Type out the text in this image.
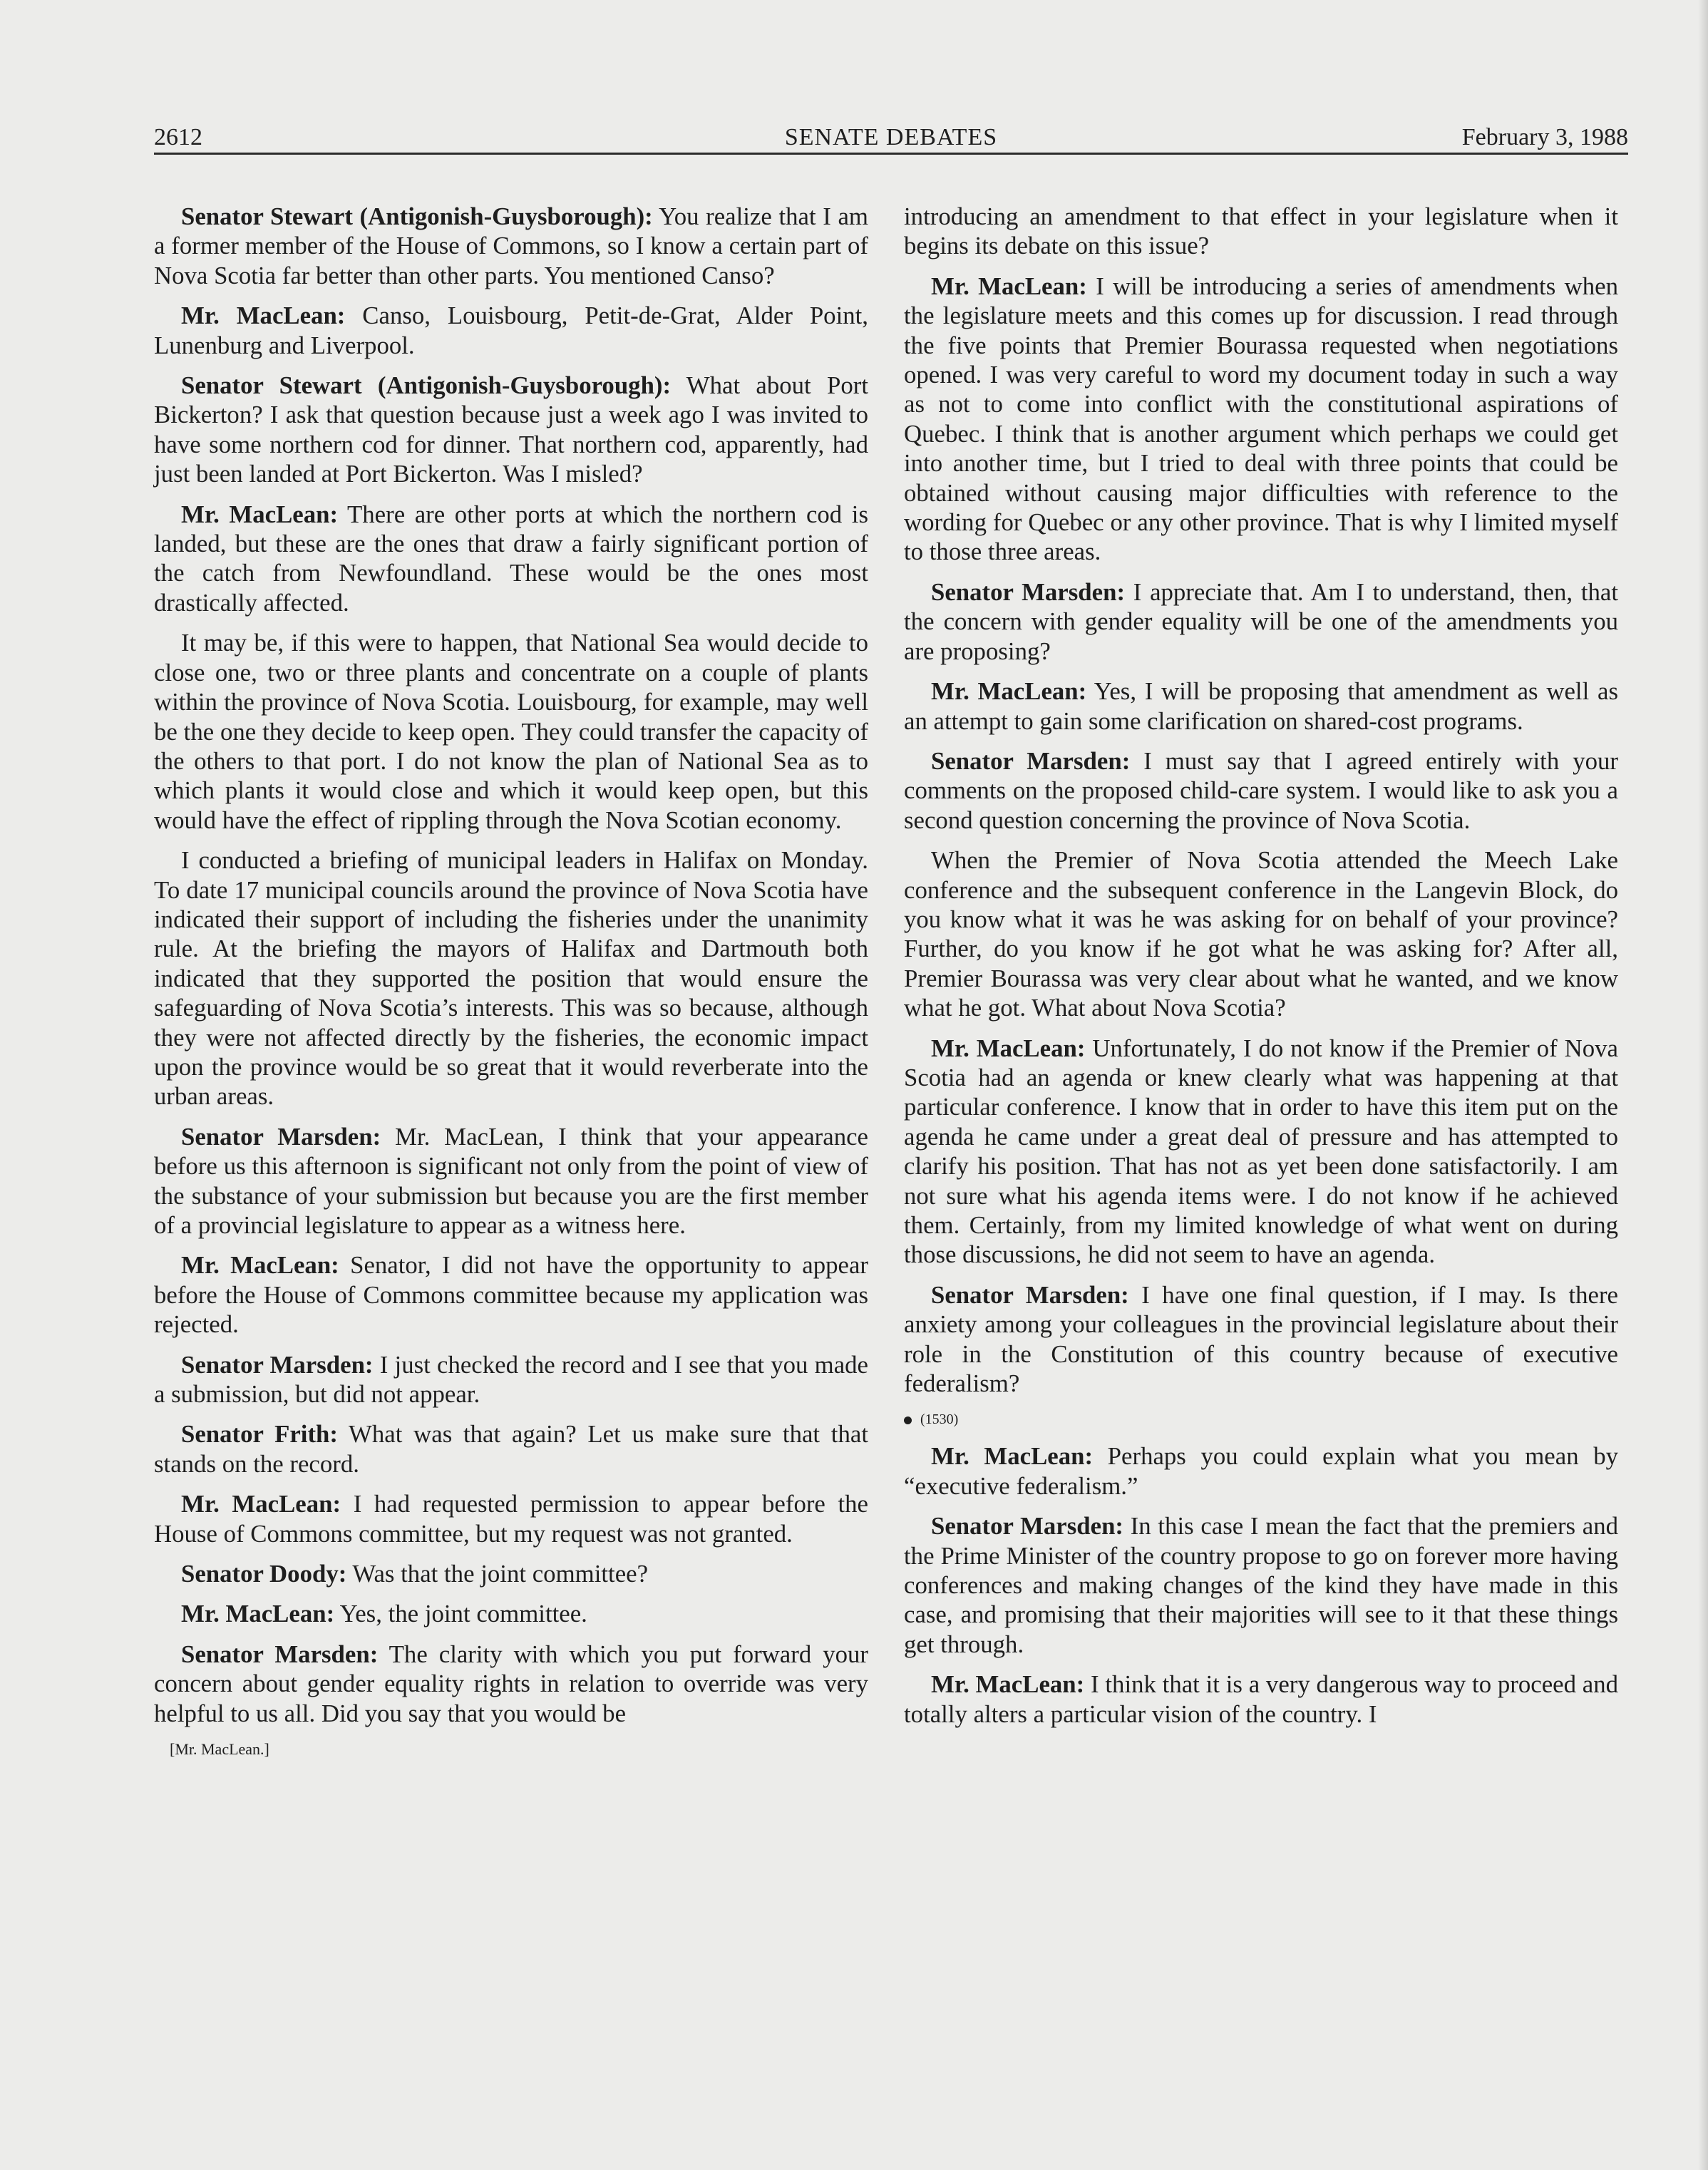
2612	SENATE DEBATES	February 3, 1988

Senator Stewart (Antigonish-Guysborough): You realize that I am a former member of the House of Commons, so I know a certain part of Nova Scotia far better than other parts. You mentioned Canso?

Mr. MacLean: Canso, Louisbourg, Petit-de-Grat, Alder Point, Lunenburg and Liverpool.

Senator Stewart (Antigonish-Guysborough): What about Port Bickerton? I ask that question because just a week ago I was invited to have some northern cod for dinner. That northern cod, apparently, had just been landed at Port Bickerton. Was I misled?

Mr. MacLean: There are other ports at which the northern cod is landed, but these are the ones that draw a fairly significant portion of the catch from Newfoundland. These would be the ones most drastically affected.

It may be, if this were to happen, that National Sea would decide to close one, two or three plants and concentrate on a couple of plants within the province of Nova Scotia. Louisbourg, for example, may well be the one they decide to keep open. They could transfer the capacity of the others to that port. I do not know the plan of National Sea as to which plants it would close and which it would keep open, but this would have the effect of rippling through the Nova Scotian economy.

I conducted a briefing of municipal leaders in Halifax on Monday. To date 17 municipal councils around the province of Nova Scotia have indicated their support of including the fisheries under the unanimity rule. At the briefing the mayors of Halifax and Dartmouth both indicated that they supported the position that would ensure the safeguarding of Nova Scotia’s interests. This was so because, although they were not affected directly by the fisheries, the economic impact upon the province would be so great that it would reverberate into the urban areas.

Senator Marsden: Mr. MacLean, I think that your appearance before us this afternoon is significant not only from the point of view of the substance of your submission but because you are the first member of a provincial legislature to appear as a witness here.

Mr. MacLean: Senator, I did not have the opportunity to appear before the House of Commons committee because my application was rejected.

Senator Marsden: I just checked the record and I see that you made a submission, but did not appear.

Senator Frith: What was that again? Let us make sure that that stands on the record.

Mr. MacLean: I had requested permission to appear before the House of Commons committee, but my request was not granted.

Senator Doody: Was that the joint committee?

Mr. MacLean: Yes, the joint committee.

Senator Marsden: The clarity with which you put forward your concern about gender equality rights in relation to override was very helpful to us all. Did you say that you would be

[Mr. MacLean.]

introducing an amendment to that effect in your legislature when it begins its debate on this issue?

Mr. MacLean: I will be introducing a series of amendments when the legislature meets and this comes up for discussion. I read through the five points that Premier Bourassa requested when negotiations opened. I was very careful to word my document today in such a way as not to come into conflict with the constitutional aspirations of Quebec. I think that is another argument which perhaps we could get into another time, but I tried to deal with three points that could be obtained without causing major difficulties with reference to the wording for Quebec or any other province. That is why I limited myself to those three areas.

Senator Marsden: I appreciate that. Am I to understand, then, that the concern with gender equality will be one of the amendments you are proposing?

Mr. MacLean: Yes, I will be proposing that amendment as well as an attempt to gain some clarification on shared-cost programs.

Senator Marsden: I must say that I agreed entirely with your comments on the proposed child-care system. I would like to ask you a second question concerning the province of Nova Scotia.

When the Premier of Nova Scotia attended the Meech Lake conference and the subsequent conference in the Langevin Block, do you know what it was he was asking for on behalf of your province? Further, do you know if he got what he was asking for? After all, Premier Bourassa was very clear about what he wanted, and we know what he got. What about Nova Scotia?

Mr. MacLean: Unfortunately, I do not know if the Premier of Nova Scotia had an agenda or knew clearly what was happening at that particular conference. I know that in order to have this item put on the agenda he came under a great deal of pressure and has attempted to clarify his position. That has not as yet been done satisfactorily. I am not sure what his agenda items were. I do not know if he achieved them. Certainly, from my limited knowledge of what went on during those discussions, he did not seem to have an agenda.

Senator Marsden: I have one final question, if I may. Is there anxiety among your colleagues in the provincial legislature about their role in the Constitution of this country because of executive federalism?

(1530)

Mr. MacLean: Perhaps you could explain what you mean by “executive federalism.”

Senator Marsden: In this case I mean the fact that the premiers and the Prime Minister of the country propose to go on forever more having conferences and making changes of the kind they have made in this case, and promising that their majorities will see to it that these things get through.

Mr. MacLean: I think that it is a very dangerous way to proceed and totally alters a particular vision of the country. I
